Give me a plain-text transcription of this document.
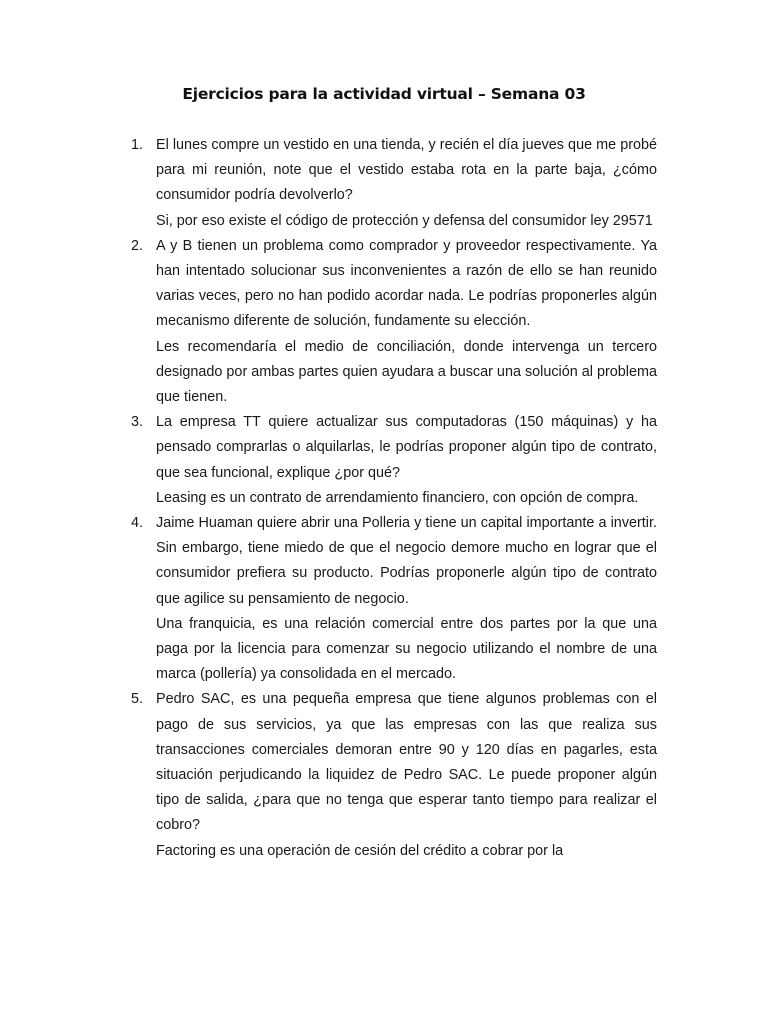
Ejercicios para la actividad virtual – Semana 03
1. El lunes compre un vestido en una tienda, y recién el día jueves que me probé para mi reunión, note que el vestido estaba rota en la parte baja, ¿cómo consumidor podría devolverlo?

Si, por eso existe el código de protección y defensa del consumidor ley 29571

2. A y B tienen un problema como comprador y proveedor respectivamente. Ya han intentado solucionar sus inconvenientes a razón de ello se han reunido varias veces, pero no han podido acordar nada. Le podrías proponerles algún mecanismo diferente de solución, fundamente su elección.

Les recomendaría el medio de conciliación, donde intervenga un tercero designado por ambas partes quien ayudara a buscar una solución al problema que tienen.

3. La empresa TT quiere actualizar sus computadoras (150 máquinas) y ha pensado comprarlas o alquilarlas, le podrías proponer algún tipo de contrato, que sea funcional, explique ¿por qué?

Leasing es un contrato de arrendamiento financiero, con opción de compra.

4. Jaime Huaman quiere abrir una Polleria y tiene un capital importante a invertir. Sin embargo, tiene miedo de que el negocio demore mucho en lograr que el consumidor prefiera su producto. Podrías proponerle algún tipo de contrato que agilice su pensamiento de negocio.

Una franquicia, es una relación comercial entre dos partes por la que una paga por la licencia para comenzar su negocio utilizando el nombre de una marca (pollería) ya consolidada en el mercado.

5. Pedro SAC, es una pequeña empresa que tiene algunos problemas con el pago de sus servicios, ya que las empresas con las que realiza sus transacciones comerciales demoran entre 90 y 120 días en pagarles, esta situación perjudicando la liquidez de Pedro SAC. Le puede proponer algún tipo de salida, ¿para que no tenga que esperar tanto tiempo para realizar el cobro?

Factoring es una operación de cesión del crédito a cobrar por la
